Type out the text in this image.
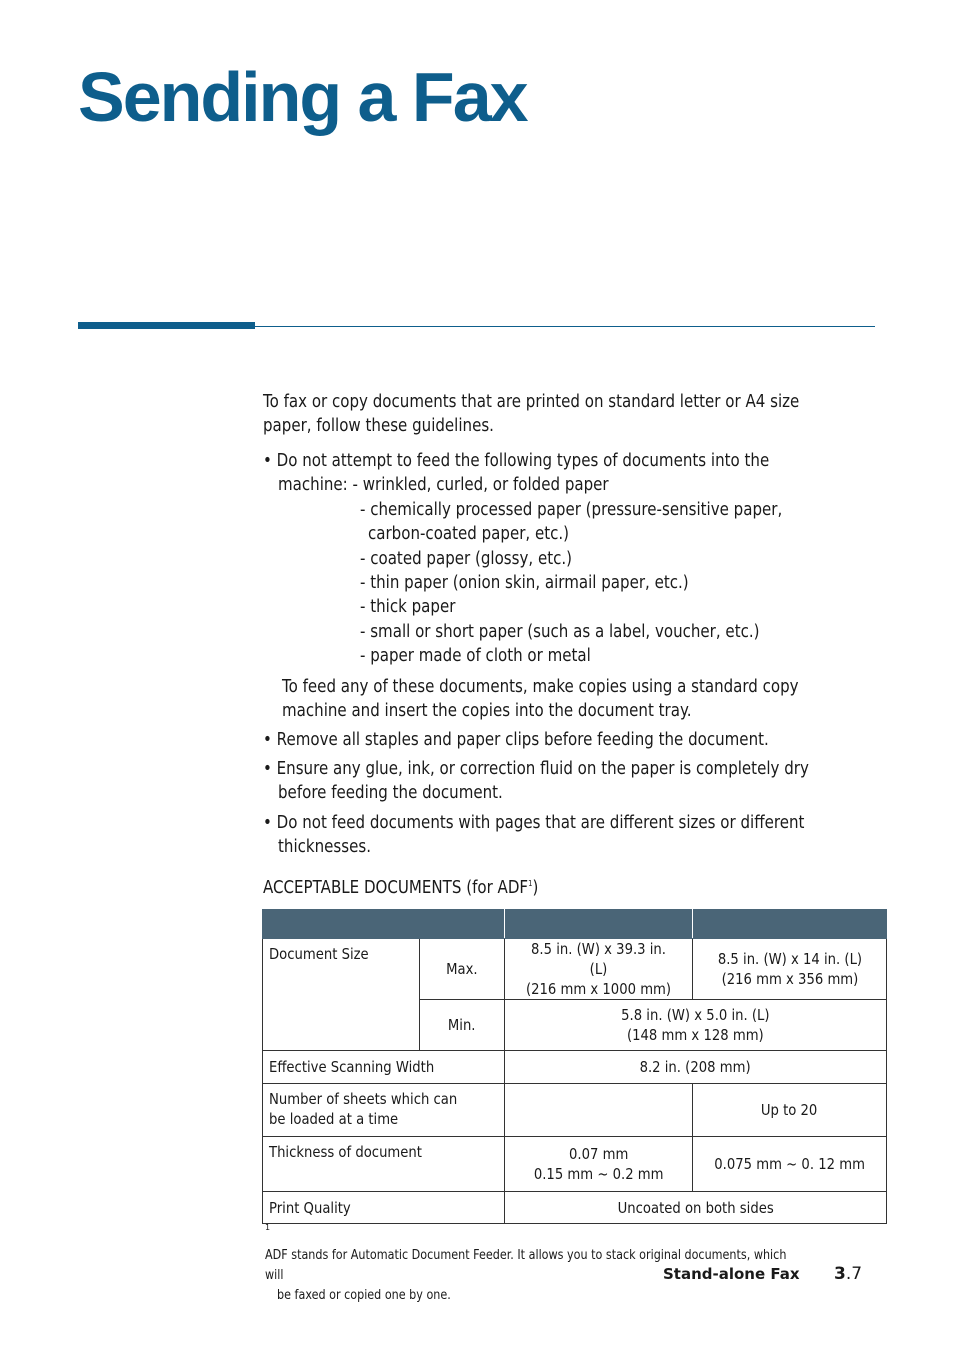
Sending a Fax
To fax or copy documents that are printed on standard letter or A4 size
paper, follow these guidelines.
• Do not attempt to feed the following types of documents into the
machine: - wrinkled, curled, or folded paper
- chemically processed paper (pressure-sensitive paper,
carbon-coated paper, etc.)
- coated paper (glossy, etc.)
- thin paper (onion skin, airmail paper, etc.)
- thick paper
- small or short paper (such as a label, voucher, etc.)
- paper made of cloth or metal
To feed any of these documents, make copies using a standard copy
machine and insert the copies into the document tray.
• Remove all staples and paper clips before feeding the document.
• Ensure any glue, ink, or correction fluid on the paper is completely dry
before feeding the document.
• Do not feed documents with pages that are different sizes or different
thicknesses.
ACCEPTABLE DOCUMENTS (for ADF$^1$)

Document Size	Max.	8.5 in. (W) x 39.3 in. (L)
(216 mm x 1000 mm)	8.5 in. (W) x 14 in. (L)
(216 mm x 356 mm)
	Min.	5.8 in. (W) x 5.0 in. (L)
(148 mm x 128 mm)	
Effective Scanning Width		8.2 in. (208 mm)	
Number of sheets which can
be loaded at a time			Up to 20
Thickness of document		0.07 mm
0.15 mm ~ 0.2 mm	0.075 mm ~ 0. 12 mm
Print Quality		Uncoated on both sides	
$^1$ADF stands for Automatic Document Feeder. It allows you to stack original documents, which will
be faxed or copied one by one.
Stand-alone Fax 3.7
